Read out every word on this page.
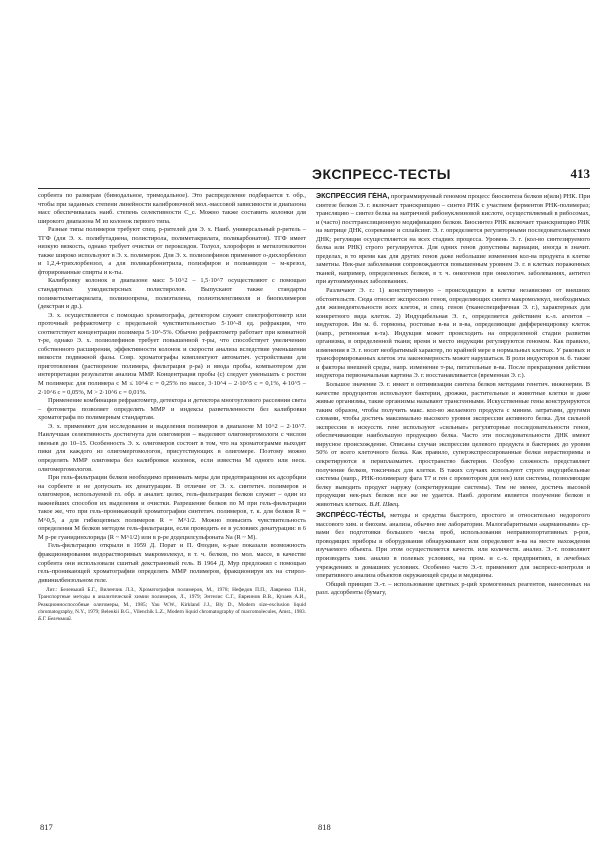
ЭКСПРЕСС-ТЕСТЫ	413

сорбента по размерам (бимодальное, тримодальное). Это распределение подбирается т. обр., чтобы при заданных степени линейности калибровочной мол.-массовой зависимости и диапазона масс обеспечивалась наиб. степень селективности С_c. Можно также составить колонки для широкого диапазона М из колонок первого типа.

Разные типы полимеров требуют спец. р-рителей для Э. х. Наиб. универсальный р-ритель – ТГФ (для Э. х. полибутадиена, полистирола, полиметакрилата, поликарбонатов). ТГФ имеет низкую вязкость, однако требует очистки от пероксидов. Толуол, хлороформ и метилэтилкетон также широко используют в Э. х. полимеров. Для Э. х. полиолефинов применяют о-дихлорбензол и 1,2,4-трихлорбензол, а для поликарбонитрила, полиэфиров и полиамидов – м-крезол, фторированные спирты и к-ты.

Калибровку колонок в диапазоне масс 5·10^2 – 1,5·10^7 осуществляют с помощью стандартных узкодисперсных полистиролов. Выпускают также стандарты полиметилметакрилата, полиизопрена, полиэтилена, полиэтиленгликоля и биополимеров (декстран и др.).

Э. х. осуществляется с помощью хроматографа, детектором служит спектрофотометр или проточный рефрактометр с предельной чувствительностью 5·10^-8 ед. рефракции, что соответствует концентрации полимера 5·10^-5%. Обычно рефрактометр работает при комнатной т-ре, однако Э. х. полиолефинов требует повышенной т-ры, что способствует увеличению собственного расширения, эффективности колонок и скорости анализа вследствие уменьшения вязкости подвижной фазы. Совр. хроматографы комплектуют автоматич. устройствами для приготовления (растворение полимера, фильтрация р-ра) и ввода пробы, компьютером для интерпретации результатов анализа ММР. Концентрация пробы (с) следует уменьшать с ростом М полимера: для полимера с М ≤ 10^4 с = 0,25% по массе, 3·10^4 – 2·10^5 с = 0,1%, 4·10^5 – 2·10^6 с = 0,05%, М > 2·10^6 с = 0,01%.

Применение комбинации рефрактометр, детектора и детектора многоуглового рассеяния света – фотометра позволяет определять ММР и индексы разветвленности без калибровки хроматографа по полимерным стандартам.

Э. х. применяют для исследования и выделения полимеров в диапазоне М 10^2 – 2·10^7. Наилучшая селективность достигнута для олигомеров – выделяют олигомергомологи с числом звеньев до 10–15. Особенность Э. х. олигомеров состоит в том, что на хроматограмме выходят пики для каждого из олигомергомологов, присутствующих в олигомере. Поэтому можно определять ММР олигомера без калибровки колонок, если известна М одного или неск. олигомергомологов.

При гель-фильтрации белков необходимо принимать меры для предотвращения их адсорбции на сорбенте и не допускать их денатурации. В отличие от Э. х. синтетич. полимеров и олигомеров, используемой гл. обр. в аналит. целях, гель-фильтрация белков служит – один из важнейших способов их выделения и очистки. Разрешение белков по М при гель-фильтрации такое же, что при гель-проникающей хроматографии синтетич. полимеров, т. к. для белков R = M^0,5, а для гибкоцепных полимеров R = M^1/2. Можно повысить чувствительность определения М белков методом гель-фильтрации, если проводить ее в условиях денатурации: в 6 М р-ре гуанидинхлорида (R ~ M^1/2) или в р-ре додецилсульфоната Na (R ~ M).

Гель-фильтрацию открыли в 1959 Д. Порат и П. Флодин, к-рые показали возможность фракционирования водорастворимых макромолекул, в т. ч. белков, по мол. массе, в качестве сорбента они использовали сшитый декстрановый гель. В 1964 Д. Мур предложил с помощью гель-проникающей хроматографии определять ММР полимеров, фракционируя их на стирол-дивинилбензольном геле.

Лит.: Беленький Б.Г., Виленчик Л.З., Хроматография полимеров, М., 1978; Нефедов П.П., Лавренко П.Н., Транспортные методы в аналитической химии полимеров, Л., 1979; Энтелис С.Г., Евреинов В.В., Кузаев А.И., Реакционноспособные олигомеры, М., 1985; Yau W.W., Kirkland J.J., Bly D., Modern size-exclusion liquid chromatography, N.Y., 1979; Belenkii B.G., Vilenchik L.Z., Modern liquid chromatography of macromolecules, Amst., 1983. Б.Г. Беленький.

ЭКСПРЕ́ССИЯ ГЕ́НА, программируемый геномом процесс биосинтеза белков и(или) РНК. При синтезе белков Э. г. включает транскрипцию – синтез РНК с участием ферментов РНК-полимераз; трансляцию – синтез белка на матричной рибонуклеиновой кислоте, осуществляемый в рибосомах, и (часто) посттрансляционную модификацию белков. Биосинтез РНК включает транскрипцию РНК на матрице ДНК, созревание и сплайсинг. Э. г. определяется регуляторными последовательностями ДНК; регуляция осуществляется на всех стадиях процесса. Уровень Э. г. (кол-во синтезируемого белка или РНК) строго регулируется. Для одних генов допустимы вариации, иногда в значит. пределах, в то время как для других генов даже небольшие изменения кол-ва продукта в клетке заметны. Нек-рые заболевания сопровождаются повышенным уровнем Э. г. в клетках пораженных тканей, например, определенных белков, в т. ч. онкогенов при онкологич. заболеваниях, антител при аутоиммунных заболеваниях.

Различают Э. г.: 1) конститутивную – происходящую в клетке независимо от внешних обстоятельств. Сюда относят экспрессию генов, определяющих синтез макромолекул, необходимых для жизнедеятельности всех клеток, и спец. генов (тканеспецифичная Э. г.), характерных для конкретного вида клеток. 2) Индуцибельная Э. г., определяется действием к.-л. агентов – индукторов. Им м. б. гормоны, ростовые в-ва и в-ва, определяющие дифференцировку клеток (напр., ретиноевая к-та). Индукция может происходить на определенной стадии развития организма, в определенной ткани; время и место индукции регулируются геномом. Как правило, изменения в Э. г. носят необратимый характер, по крайней мере в нормальных клетках. У раковых и трансформированных клеток эта закономерность может нарушаться. В роли индукторов м. б. также и факторы внешней среды, напр. изменение т-ры, питательные в-ва. После прекращения действия индуктора первоначальная картина Э. г. восстанавливается (временная Э. г.).

Большое значение Э. г. имеет в оптимизации синтеза белков методами генетич. инженерии. В качестве продуцентов используют бактерии, дрожжи, растительные и животные клетки и даже живые организмы, такие организмы называют трансгенными. Искусственные гены конструируются таким образом, чтобы получить макс. кол-во желаемого продукта с миним. затратами, другими словами, чтобы достичь максимально высокого уровня экспрессии активного белка. Для сильной экспрессии в искусств. гене используют «сильные» регуляторные последовательности генов, обеспечивающие наибольшую продукцию белка. Часто эти последовательности ДНК имеют вирусное происхождение. Описаны случаи экспрессии целевого продукта в бактериях до уровня 50% от всего клеточного белка. Как правило, суперэкспрессированные белки нерастворимы и секретируются в периплазматич. пространство бактерии. Особую сложность представляет получение белков, токсичных для клетки. В таких случаях используют строго индуцибельные системы (напр., РНК-полимеразу фага T7 и ген с промотором для нее) или системы, позволяющие белку выводить продукт наружу (секретирующие системы). Тем не менее, достичь высокой продукции нек-рых белков все же не удается. Наиб. дорогим является получение белков в животных клетках. В.И. Швец.

ЭКСПРЕ́СС-ТЕ́СТЫ, методы и средства быстрого, простого и относительно недорогого массового хим. и биохим. анализа, обычно вне лаборатории. Малогабаритными «карманными» ср-вами без подготовки большого числа проб, использования неправиопортативных р-ров, проводящих приборы и оборудования обнаруживают или определяют в-ва на месте нахождения изучаемого объекта. При этом осуществляется качеств. или количеств. анализ. Э.-т. позволяют производить хим. анализ в полевых условиях, на пром. и с.-х. предприятиях, в лечебных учреждениях и домашних условиях. Особенно часто Э.-т. применяют для экспресс-контроля и оперативного анализа объектов окружающей среды и медицины.

Общий принцип Э.-т. – использование цветных р-ций хромогенных реагентов, нанесенных на разл. адсорбенты (бумагу,

817	818
